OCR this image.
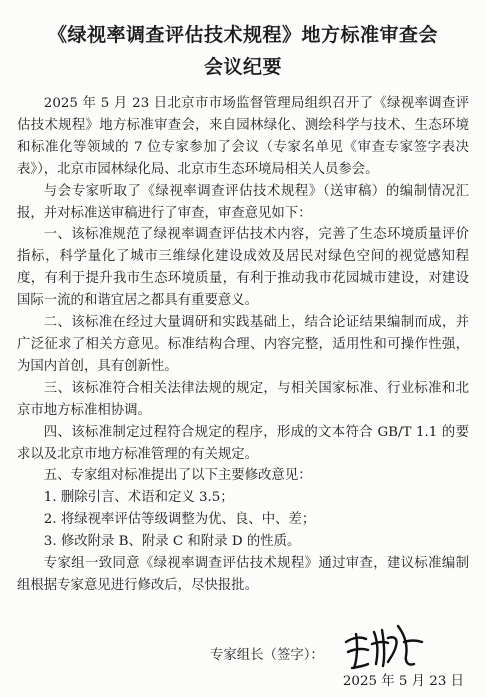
《绿视率调查评估技术规程》地方标准审查会
会议纪要

2025 年 5 月 23 日北京市市场监督管理局组织召开了《绿视率调查评估技术规程》地方标准审查会，来自园林绿化、测绘科学与技术、生态环境和标准化等领域的 7 位专家参加了会议（专家名单见《审查专家签字表决表》），北京市园林绿化局、北京市生态环境局相关人员参会。

与会专家听取了《绿视率调查评估技术规程》（送审稿）的编制情况汇报，并对标准送审稿进行了审查，审查意见如下：

一、该标准规范了绿视率调查评估技术内容，完善了生态环境质量评价指标，科学量化了城市三维绿化建设成效及居民对绿色空间的视觉感知程度，有利于提升我市生态环境质量，有利于推动我市花园城市建设，对建设国际一流的和谐宜居之都具有重要意义。

二、该标准在经过大量调研和实践基础上，结合论证结果编制而成，并广泛征求了相关方意见。标准结构合理、内容完整，适用性和可操作性强，为国内首创，具有创新性。

三、该标准符合相关法律法规的规定，与相关国家标准、行业标准和北京市地方标准相协调。

四、该标准制定过程符合规定的程序，形成的文本符合 GB/T 1.1 的要求以及北京市地方标准管理的有关规定。

五、专家组对标准提出了以下主要修改意见：

1. 删除引言、术语和定义 3.5；

2. 将绿视率评估等级调整为优、良、中、差；

3. 修改附录 B、附录 C 和附录 D 的性质。

专家组一致同意《绿视率调查评估技术规程》通过审查，建议标准编制组根据专家意见进行修改后，尽快报批。

专家组长（签字）：
2025 年 5 月 23 日
